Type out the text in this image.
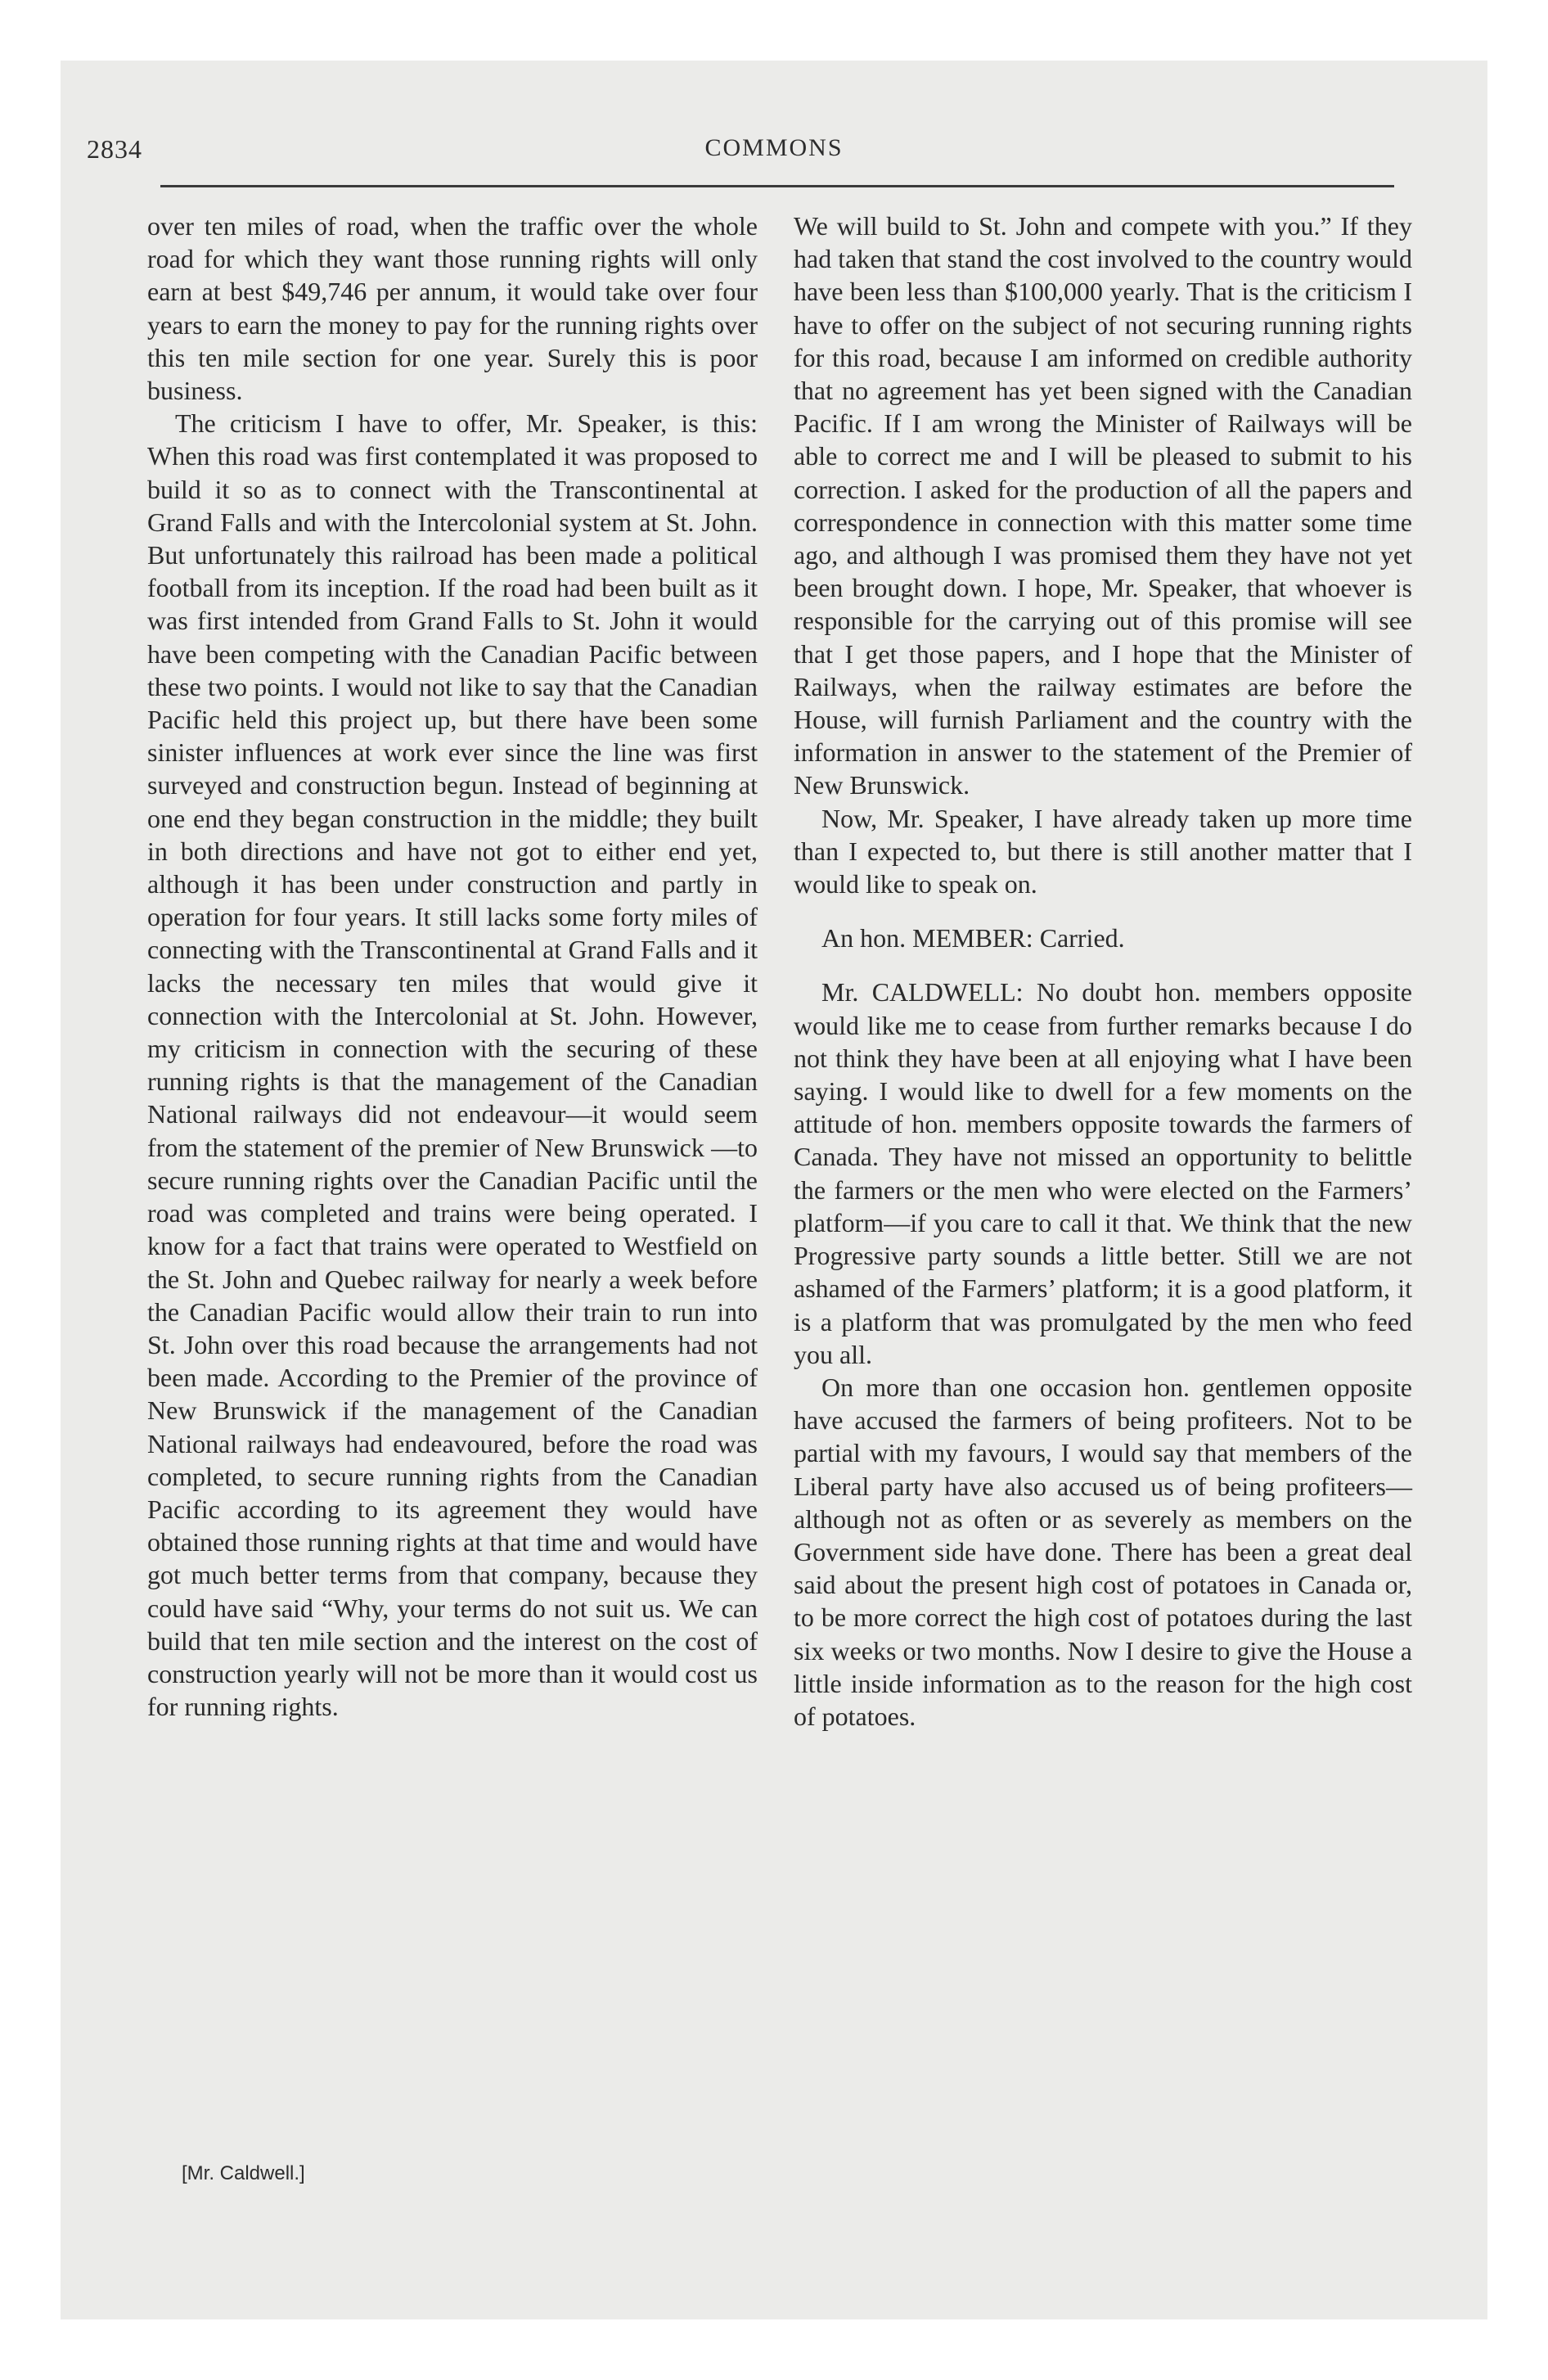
2834	COMMONS

over ten miles of road, when the traffic over the whole road for which they want those running rights will only earn at best $49,746 per annum, it would take over four years to earn the money to pay for the running rights over this ten mile section for one year. Surely this is poor business.

The criticism I have to offer, Mr. Speaker, is this: When this road was first contemplated it was proposed to build it so as to connect with the Transcontinental at Grand Falls and with the Intercolonial system at St. John. But unfortunately this railroad has been made a political football from its inception. If the road had been built as it was first intended from Grand Falls to St. John it would have been competing with the Canadian Pacific between these two points. I would not like to say that the Canadian Pacific held this project up, but there have been some sinister influences at work ever since the line was first surveyed and construction begun. Instead of beginning at one end they began construction in the middle; they built in both directions and have not got to either end yet, although it has been under construction and partly in operation for four years. It still lacks some forty miles of connecting with the Transcontinental at Grand Falls and it lacks the necessary ten miles that would give it connection with the Intercolonial at St. John. However, my criticism in connection with the securing of these running rights is that the management of the Canadian National railways did not endeavour—it would seem from the statement of the premier of New Brunswick —to secure running rights over the Canadian Pacific until the road was completed and trains were being operated. I know for a fact that trains were operated to Westfield on the St. John and Quebec railway for nearly a week before the Canadian Pacific would allow their train to run into St. John over this road because the arrangements had not been made. According to the Premier of the province of New Brunswick if the management of the Canadian National railways had endeavoured, before the road was completed, to secure running rights from the Canadian Pacific according to its agreement they would have obtained those running rights at that time and would have got much better terms from that company, because they could have said “Why, your terms do not suit us. We can build that ten mile section and the interest on the cost of construction yearly will not be more than it would cost us for running rights.

We will build to St. John and compete with you.” If they had taken that stand the cost involved to the country would have been less than $100,000 yearly. That is the criticism I have to offer on the subject of not securing running rights for this road, because I am informed on credible authority that no agreement has yet been signed with the Canadian Pacific. If I am wrong the Minister of Railways will be able to correct me and I will be pleased to submit to his correction. I asked for the production of all the papers and correspondence in connection with this matter some time ago, and although I was promised them they have not yet been brought down. I hope, Mr. Speaker, that whoever is responsible for the carrying out of this promise will see that I get those papers, and I hope that the Minister of Railways, when the railway estimates are before the House, will furnish Parliament and the country with the information in answer to the statement of the Premier of New Brunswick.

Now, Mr. Speaker, I have already taken up more time than I expected to, but there is still another matter that I would like to speak on.

An hon. MEMBER: Carried.

Mr. CALDWELL: No doubt hon. members opposite would like me to cease from further remarks because I do not think they have been at all enjoying what I have been saying. I would like to dwell for a few moments on the attitude of hon. members opposite towards the farmers of Canada. They have not missed an opportunity to belittle the farmers or the men who were elected on the Farmers’ platform—if you care to call it that. We think that the new Progressive party sounds a little better. Still we are not ashamed of the Farmers’ platform; it is a good platform, it is a platform that was promulgated by the men who feed you all.

On more than one occasion hon. gentlemen opposite have accused the farmers of being profiteers. Not to be partial with my favours, I would say that members of the Liberal party have also accused us of being profiteers—although not as often or as severely as members on the Government side have done. There has been a great deal said about the present high cost of potatoes in Canada or, to be more correct the high cost of potatoes during the last six weeks or two months. Now I desire to give the House a little inside information as to the reason for the high cost of potatoes.

[Mr. Caldwell.]
